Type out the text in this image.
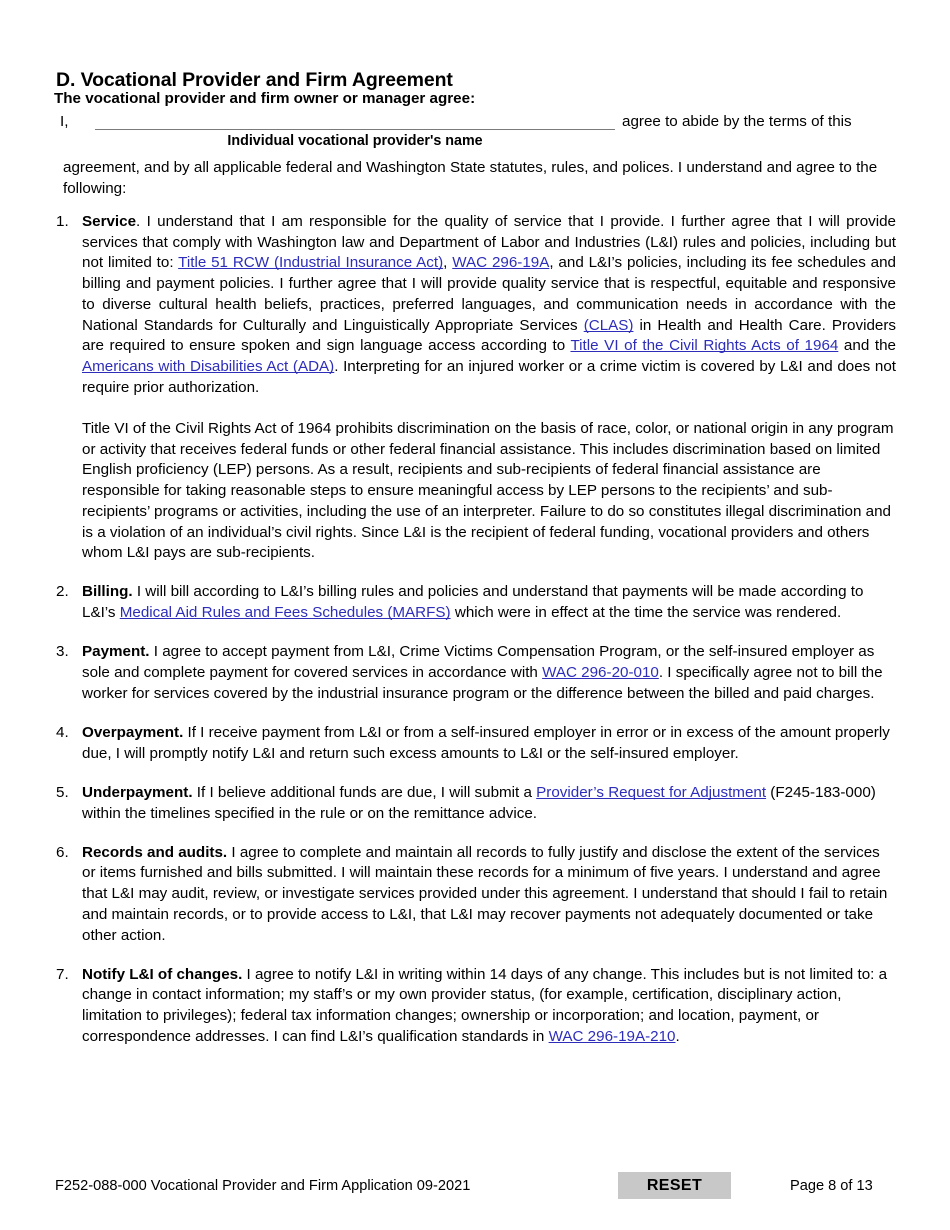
D. Vocational Provider and Firm Agreement
The vocational provider and firm owner or manager agree:
I,	agree to abide by the terms of this
Individual vocational provider's name
agreement, and by all applicable federal and Washington State statutes, rules, and polices. I understand and agree to the following:
1. Service. I understand that I am responsible for the quality of service that I provide. I further agree that I will provide services that comply with Washington law and Department of Labor and Industries (L&I) rules and policies, including but not limited to: Title 51 RCW (Industrial Insurance Act), WAC 296-19A, and L&I’s policies, including its fee schedules and billing and payment policies. I further agree that I will provide quality service that is respectful, equitable and responsive to diverse cultural health beliefs, practices, preferred languages, and communication needs in accordance with the National Standards for Culturally and Linguistically Appropriate Services (CLAS) in Health and Health Care. Providers are required to ensure spoken and sign language access according to Title VI of the Civil Rights Acts of 1964 and the Americans with Disabilities Act (ADA). Interpreting for an injured worker or a crime victim is covered by L&I and does not require prior authorization.

Title VI of the Civil Rights Act of 1964 prohibits discrimination on the basis of race, color, or national origin in any program or activity that receives federal funds or other federal financial assistance. This includes discrimination based on limited English proficiency (LEP) persons. As a result, recipients and sub-recipients of federal financial assistance are responsible for taking reasonable steps to ensure meaningful access by LEP persons to the recipients’ and sub-recipients’ programs or activities, including the use of an interpreter. Failure to do so constitutes illegal discrimination and is a violation of an individual’s civil rights. Since L&I is the recipient of federal funding, vocational providers and others whom L&I pays are sub-recipients.

2. Billing. I will bill according to L&I’s billing rules and policies and understand that payments will be made according to L&I’s Medical Aid Rules and Fees Schedules (MARFS) which were in effect at the time the service was rendered.

3. Payment. I agree to accept payment from L&I, Crime Victims Compensation Program, or the self-insured employer as sole and complete payment for covered services in accordance with WAC 296-20-010. I specifically agree not to bill the worker for services covered by the industrial insurance program or the difference between the billed and paid charges.

4. Overpayment. If I receive payment from L&I or from a self-insured employer in error or in excess of the amount properly due, I will promptly notify L&I and return such excess amounts to L&I or the self-insured employer.

5. Underpayment. If I believe additional funds are due, I will submit a Provider’s Request for Adjustment (F245-183-000) within the timelines specified in the rule or on the remittance advice.

6. Records and audits. I agree to complete and maintain all records to fully justify and disclose the extent of the services or items furnished and bills submitted. I will maintain these records for a minimum of five years. I understand and agree that L&I may audit, review, or investigate services provided under this agreement. I understand that should I fail to retain and maintain records, or to provide access to L&I, that L&I may recover payments not adequately documented or take other action.

7. Notify L&I of changes. I agree to notify L&I in writing within 14 days of any change. This includes but is not limited to: a change in contact information; my staff’s or my own provider status, (for example, certification, disciplinary action, limitation to privileges); federal tax information changes; ownership or incorporation; and location, payment, or correspondence addresses. I can find L&I’s qualification standards in WAC 296-19A-210.

F252-088-000 Vocational Provider and Firm Application 09-2021	RESET	Page 8 of 13
